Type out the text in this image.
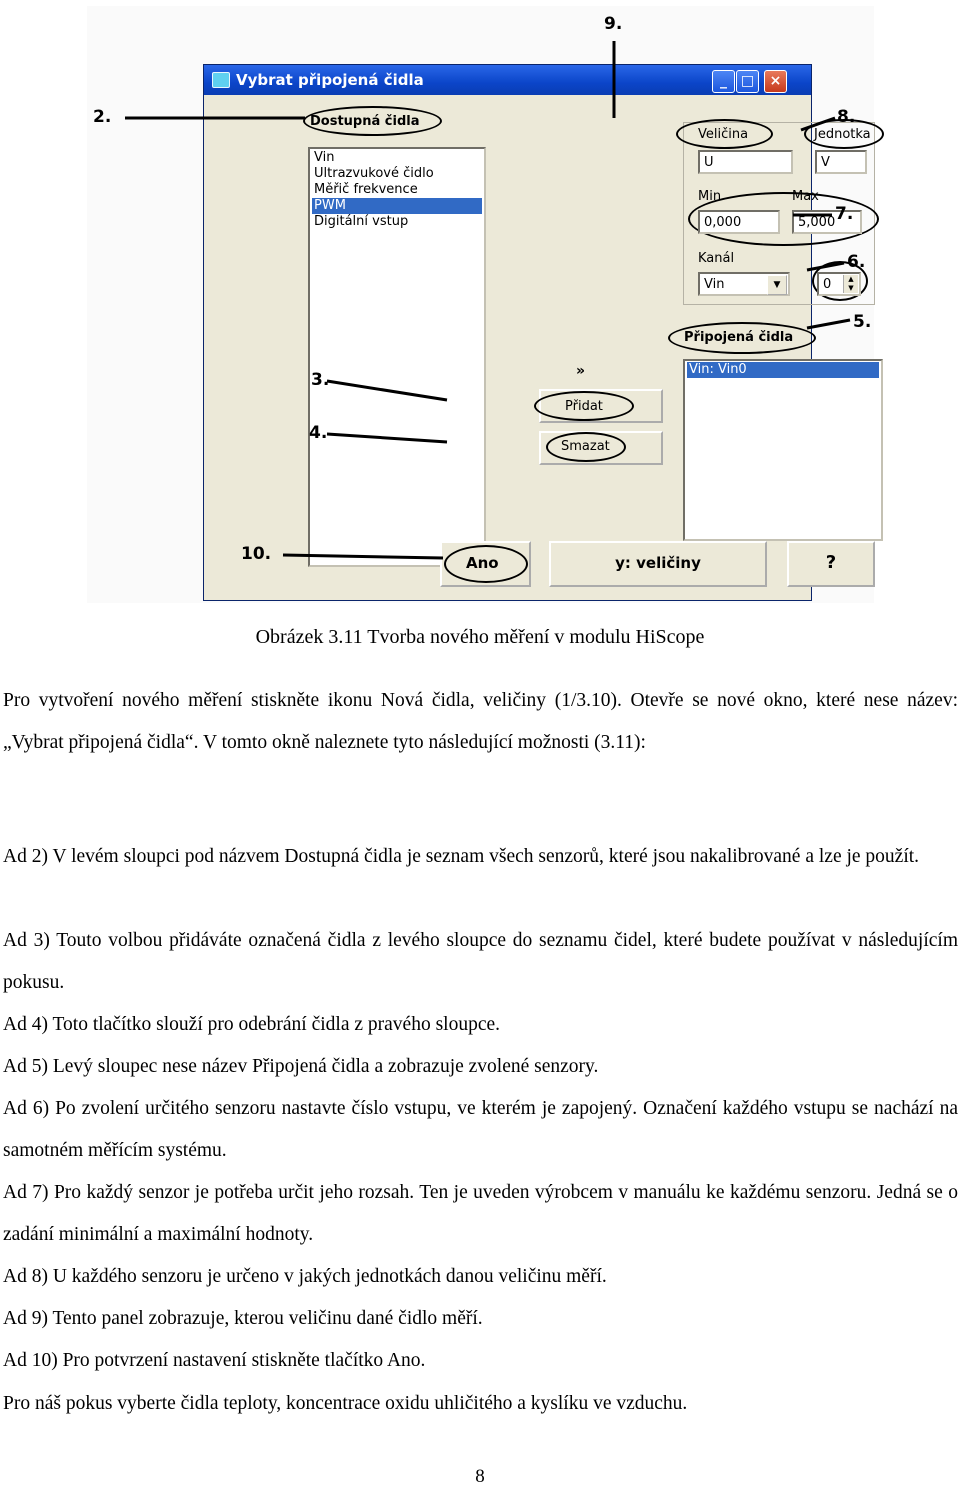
Vybrat připojená čidla	_ □	×
Dostupná čidla
Vin
Ultrazvukové čidlo
Měřič frekvence
PWM
Digitální vstup
Veličina	Jednotka
U	V
Min	Max
0,000	5,000
Kanál
Vin	▼	0	▲
▼
Připojená čidla
Vin: Vin0
»
Přidat
Smazat
Ano	y: veličiny	?
2.
3.
4.
5.
6.
7.
8.
9.
10.
Obrázek 3.11 Tvorba nového měření v modulu HiScope

Pro vytvoření nového měření stiskněte ikonu Nová čidla, veličiny (1/3.10). Otevře se nové okno, které nese název: „Vybrat připojená čidla“. V tomto okně naleznete tyto následující možnosti (3.11):

Ad 2) V levém sloupci pod názvem Dostupná čidla je seznam všech senzorů, které jsou nakalibrované a lze je použít.

Ad 3) Touto volbou přidáváte označená čidla z levého sloupce do seznamu čidel, které budete používat v následujícím pokusu.

Ad 4) Toto tlačítko slouží pro odebrání čidla z pravého sloupce.

Ad 5) Levý sloupec nese název Připojená čidla a zobrazuje zvolené senzory.

Ad 6) Po zvolení určitého senzoru nastavte číslo vstupu, ve kterém je zapojený. Označení každého vstupu se nachází na samotném měřícím systému.

Ad 7) Pro každý senzor je potřeba určit jeho rozsah. Ten je uveden výrobcem v manuálu ke každému senzoru. Jedná se o zadání minimální a maximální hodnoty.

Ad 8) U každého senzoru je určeno v jakých jednotkách danou veličinu měří.

Ad 9) Tento panel zobrazuje, kterou veličinu dané čidlo měří.

Ad 10) Pro potvrzení nastavení stiskněte tlačítko Ano.

Pro náš pokus vyberte čidla teploty, koncentrace oxidu uhličitého a kyslíku ve vzduchu.

8
